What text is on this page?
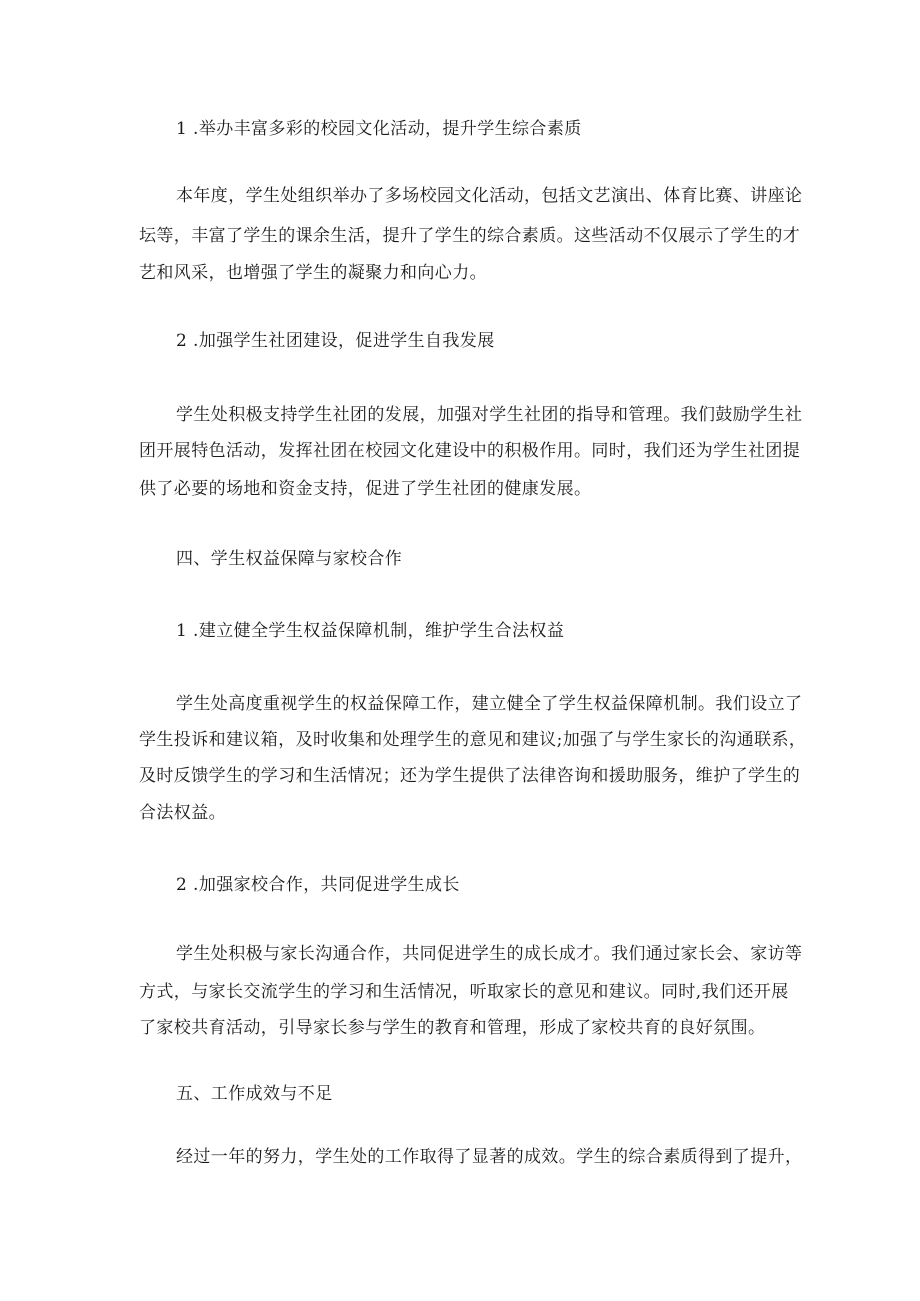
1 .举办丰富多彩的校园文化活动，提升学生综合素质
本年度，学生处组织举办了多场校园文化活动，包括文艺演出、体育比赛、讲座论
坛等，丰富了学生的课余生活，提升了学生的综合素质。这些活动不仅展示了学生的才
艺和风采，也增强了学生的凝聚力和向心力。
2 .加强学生社团建设，促进学生自我发展
学生处积极支持学生社团的发展，加强对学生社团的指导和管理。我们鼓励学生社
团开展特色活动，发挥社团在校园文化建设中的积极作用。同时，我们还为学生社团提
供了必要的场地和资金支持，促进了学生社团的健康发展。
四、学生权益保障与家校合作
1 .建立健全学生权益保障机制，维护学生合法权益
学生处高度重视学生的权益保障工作，建立健全了学生权益保障机制。我们设立了
学生投诉和建议箱，及时收集和处理学生的意见和建议;加强了与学生家长的沟通联系，
及时反馈学生的学习和生活情况；还为学生提供了法律咨询和援助服务，维护了学生的
合法权益。
2 .加强家校合作，共同促进学生成长
学生处积极与家长沟通合作，共同促进学生的成长成才。我们通过家长会、家访等
方式，与家长交流学生的学习和生活情况，听取家长的意见和建议。同时,我们还开展
了家校共育活动，引导家长参与学生的教育和管理，形成了家校共育的良好氛围。
五、工作成效与不足
经过一年的努力，学生处的工作取得了显著的成效。学生的综合素质得到了提升，
